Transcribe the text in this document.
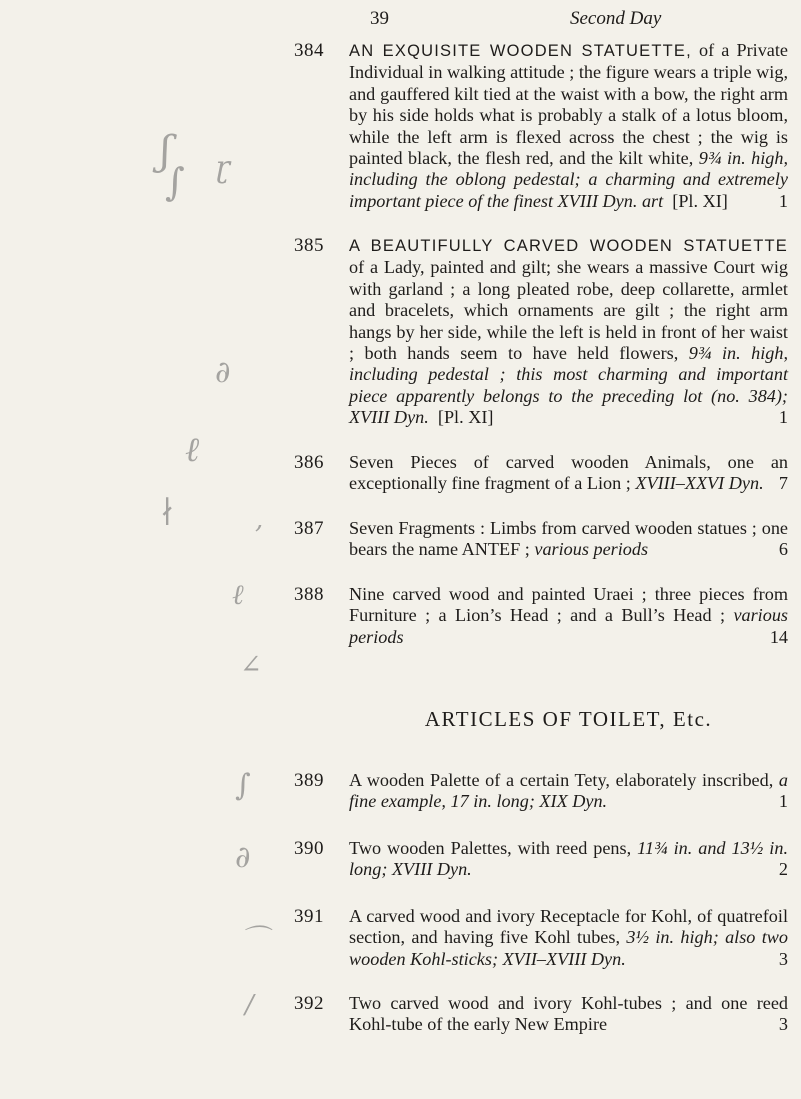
ʃ
∫ ɽ
∂
ℓ
∤	,
ℓ
∠
∫
∂
⌒
∕
39	Second Day
384	AN EXQUISITE WOODEN STATUETTE, of a Private Individual in walking attitude ; the figure wears a triple wig, and gauffered kilt tied at the waist with a bow, the right arm by his side holds what is probably a stalk of a lotus bloom, while the left arm is flexed across the chest ; the wig is painted black, the flesh red, and the kilt white, 9¾ in. high, including the oblong pedestal; a charming and extremely important piece of the finest XVIII Dyn. art [Pl. XI]	1
385	A BEAUTIFULLY CARVED WOODEN STATUETTE of a Lady, painted and gilt; she wears a massive Court wig with garland ; a long pleated robe, deep collarette, armlet and bracelets, which ornaments are gilt ; the right arm hangs by her side, while the left is held in front of her waist ; both hands seem to have held flowers, 9¾ in. high, including pedestal ; this most charming and important piece apparently belongs to the preceding lot (no. 384); XVIII Dyn. [Pl. XI]	1
386	Seven Pieces of carved wooden Animals, one an exceptionally fine fragment of a Lion ; XVIII–XXVI Dyn. 7
387	Seven Fragments : Limbs from carved wooden statues ; one bears the name ANTEF ; various periods	6
388	Nine carved wood and painted Uraei ; three pieces from Furniture ; a Lion’s Head ; and a Bull’s Head ; various periods	14
ARTICLES OF TOILET, Etc.
389	A wooden Palette of a certain Tety, elaborately inscribed, a fine example, 17 in. long; XIX Dyn.	1
390	Two wooden Palettes, with reed pens, 11¾ in. and 13½ in. long; XVIII Dyn.	2
391	A carved wood and ivory Receptacle for Kohl, of quatrefoil section, and having five Kohl tubes, 3½ in. high; also two wooden Kohl-sticks; XVII–XVIII Dyn.	3
392	Two carved wood and ivory Kohl-tubes ; and one reed Kohl-tube of the early New Empire	3
